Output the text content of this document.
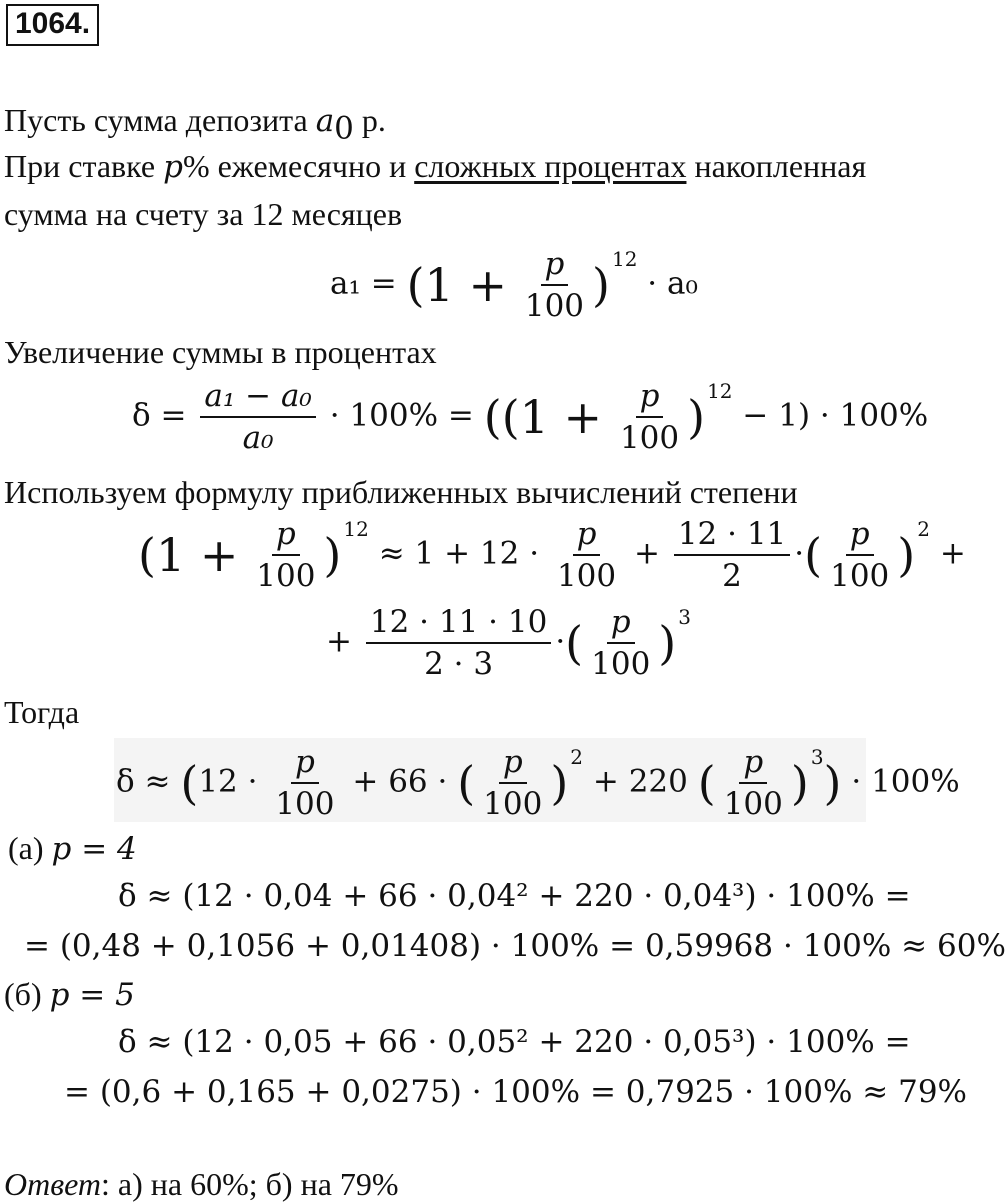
1064.
Пусть сумма депозита $a_0$ р.
При ставке p% ежемесячно и сложных процентах накопленная
сумма на счету за 12 месяцев
$a_1 = (1 + \frac{p}{100}$ ) $^{12}$ · a₀
Увеличение суммы в процентах
$\delta = \frac{\text{a₁ − a₀}}{\text{a₀}} \cdot 100\% = ((1 + \frac{p}{100}$ ) $^{12}$ − 1) · 100%
Используем формулу приближенных вычислений степени
($1 + \frac{p}{100}$ ) $^{12} \approx 1 + 12 \cdot \frac{p}{100} + \frac{12 \cdot 11}{2}$ ·( $\frac{p}{100}$ ) $^2$ +
+ $\frac{12 \cdot 11 \cdot 10}{2 \cdot 3}$ ·( $\frac{p}{100}$ ) $^3$
Тогда
$\delta \approx (12 \cdot \frac{p}{100} + 66$ · ( $\frac{p}{100}$ ) $^2$ + 220 ( $\frac{p}{100}$ ) $^3$) · 100%
(а) p = 4
δ ≈ (12 · 0,04 + 66 · 0,04² + 220 · 0,04³) · 100% =
= (0,48 + 0,1056 + 0,01408) · 100% = 0,59968 · 100% ≈ 60%
(б) p = 5
δ ≈ (12 · 0,05 + 66 · 0,05² + 220 · 0,05³) · 100% =
= (0,6 + 0,165 + 0,0275) · 100% = 0,7925 · 100% ≈ 79%
Ответ: а) на 60%; б) на 79%
